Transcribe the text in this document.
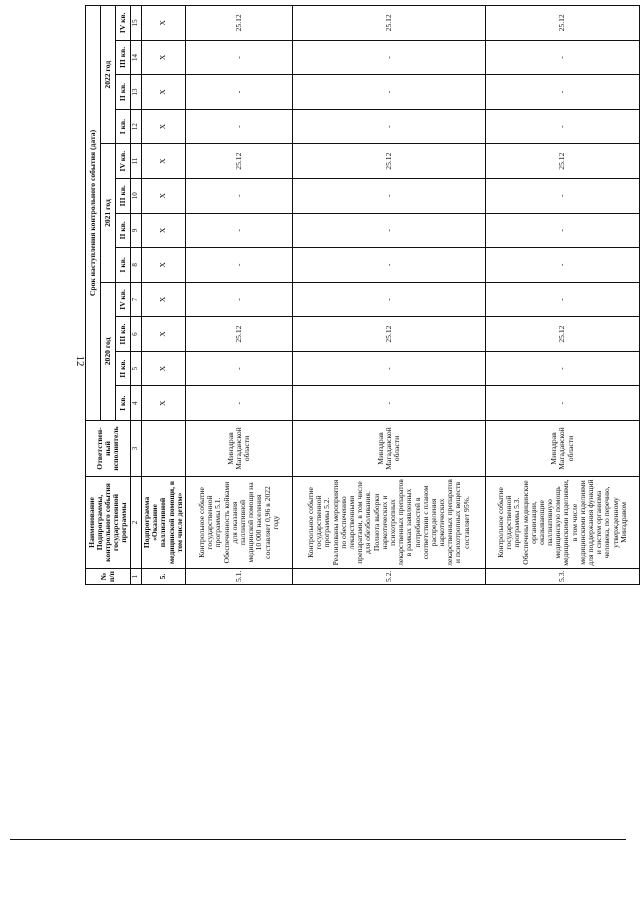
12
№ п/п	Наименование Подпрограммы, контрольного события государственной программы	Ответствен-ный исполнитель	Срок наступления контрольного события (дата)											
			2020 год				2021 год				2022 год			
			I кв.	II кв.	III кв.	IV кв.	I кв.	II кв.	III кв.	IV кв.	I кв.	II кв.	III кв.	IV кв.
1	2	3	4	5	6	7	8	9	10	11	12	13	14	15
5.	Подпрограмма «Оказание паллиативной медицинской помощи, в том числе детям»		Х	Х	Х	Х	Х	Х	Х	Х	Х	Х	Х	Х
5.1.	Контрольное событие государственной программы 5.1. Обеспеченность койками для оказания паллиативной медицинской помощи на 10 000 населения составляет 0,96 в 2022 году	Минздрав Магаданской области	-	-	25.12	-	-	-	-	25.12	-	-	-	25.12
5.2.	Контрольное событие государственной программы 5.2. Реализованы мероприятия по обеспечению лекарственными препаратами, в том числе для обезболивания. Полнота выборки наркотических и психотропных лекарственных препаратов в рамках заявленных потребностей в соответствии с планом распределения наркотических лекарственных препаратов и психотропных веществ составляет 95%.	Минздрав Магаданской области	-	-	25.12	-	-	-	-	25.12	-	-	-	25.12
5.3.	Контрольное событие государственной программы 5.3. Обеспечены медицинские организации, оказывающие паллиативную медицинскую помощь медицинскими изделиями, в том числе медицинскими изделиями для поддержания функций и систем организма человека, по перечню, утвержденному Минздравом	Минздрав Магаданской области	-	-	25.12	-	-	-	-	25.12	-	-	-	25.12
